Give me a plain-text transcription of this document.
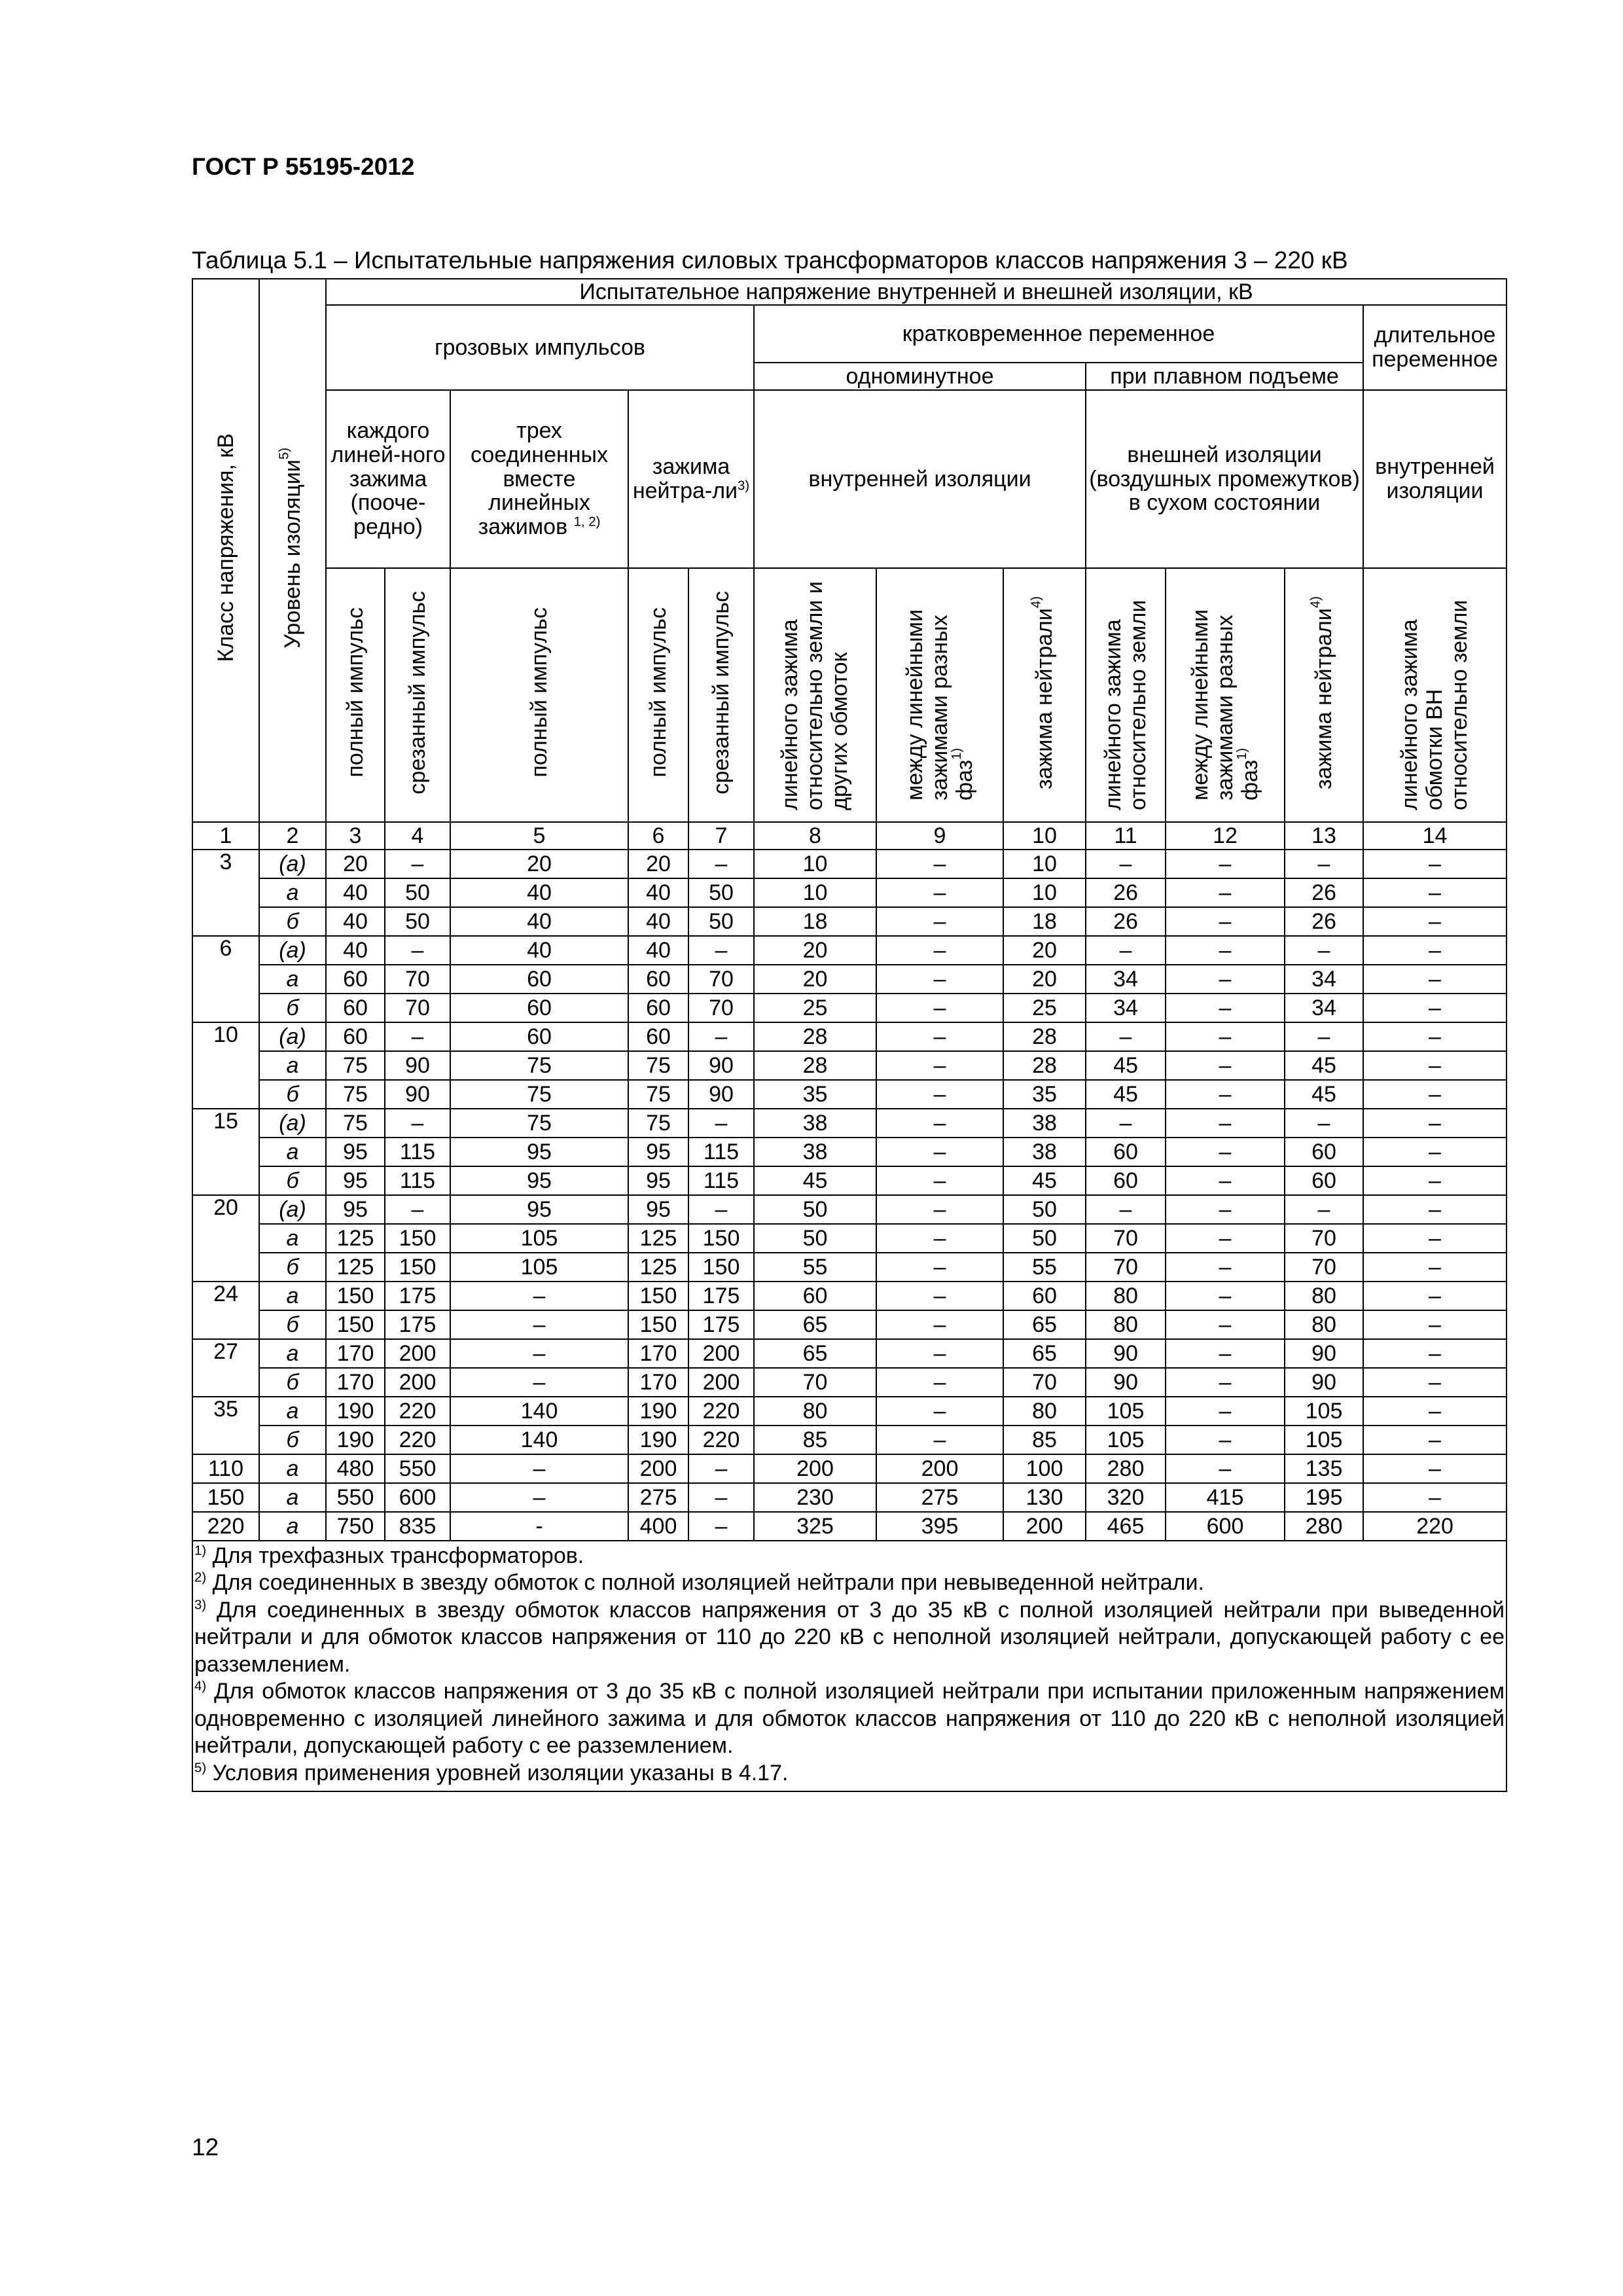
ГОСТ Р 55195-2012
Таблица 5.1 – Испытательные напряжения силовых трансформаторов классов напряжения 3 – 220 кВ
Класс напряжения, кВ	Уровень изоляции$^{5)}$	Испытательное напряжение внутренней и внешней изоляции, кВ											
		грозовых импульсов					кратковременное переменное						длительное переменное
							одноминутное			при плавном подъеме			
		каждого линей-ного зажима (пооче-редно)		трех соединенных вместе линейных зажимов $^{1, 2)}$	зажима нейтра-$ли^{3)}$		внутренней изоляции			внешней изоляции (воздушных промежутков) в сухом состоянии			внутренней изоляции
		полный импульс	срезанный импульс	полный импульс	полный импульс	срезанный импульс	линейного зажима относительно земли и других обмоток	между линейными зажимами разных фаз$^{1)}$	зажима нейтрали$^{4)}$	линейного зажима относительно земли	между линейными зажимами разных фаз$^{1)}$	зажима нейтрали$^{4)}$	линейного зажима обмотки ВН относительно земли
1	2	3	4	5	6	7	8	9	10	11	12	13	14
3	(а)	20	–	20	20	–	10	–	10	–	–	–	–
	а	40	50	40	40	50	10	–	10	26	–	26	–
	б	40	50	40	40	50	18	–	18	26	–	26	–
6	(а)	40	–	40	40	–	20	–	20	–	–	–	–
	а	60	70	60	60	70	20	–	20	34	–	34	–
	б	60	70	60	60	70	25	–	25	34	–	34	–
10	(а)	60	–	60	60	–	28	–	28	–	–	–	–
	а	75	90	75	75	90	28	–	28	45	–	45	–
	б	75	90	75	75	90	35	–	35	45	–	45	–
15	(а)	75	–	75	75	–	38	–	38	–	–	–	–
	а	95	115	95	95	115	38	–	38	60	–	60	–
	б	95	115	95	95	115	45	–	45	60	–	60	–
20	(а)	95	–	95	95	–	50	–	50	–	–	–	–
	а	125	150	105	125	150	50	–	50	70	–	70	–
	б	125	150	105	125	150	55	–	55	70	–	70	–
24	а	150	175	–	150	175	60	–	60	80	–	80	–
	б	150	175	–	150	175	65	–	65	80	–	80	–
27	а	170	200	–	170	200	65	–	65	90	–	90	–
	б	170	200	–	170	200	70	–	70	90	–	90	–
35	а	190	220	140	190	220	80	–	80	105	–	105	–
	б	190	220	140	190	220	85	–	85	105	–	105	–
110	а	480	550	–	200	–	200	200	100	280	–	135	–
150	а	550	600	–	275	–	230	275	130	320	415	195	–
220	а	750	835	-	400	–	325	395	200	465	600	280	220

$^{1)}$ Для трехфазных трансформаторов.
$^{2)}$ Для соединенных в звезду обмоток с полной изоляцией нейтрали при невыведенной нейтрали.
$^{3)}$ Для соединенных в звезду обмоток классов напряжения от 3 до 35 кВ с полной изоляцией нейтрали при выведенной нейтрали и для обмоток классов напряжения от 110 до 220 кВ с неполной изоляцией нейтрали, допускающей работу с ее разземлением.
$^{4)}$ Для обмоток классов напряжения от 3 до 35 кВ с полной изоляцией нейтрали при испытании приложенным напряжением одновременно с изоляцией линейного зажима и для обмоток классов напряжения от 110 до 220 кВ с неполной изоляцией нейтрали, допускающей работу с ее разземлением.
$^{5)}$ Условия применения уровней изоляции указаны в 4.17.													
12
